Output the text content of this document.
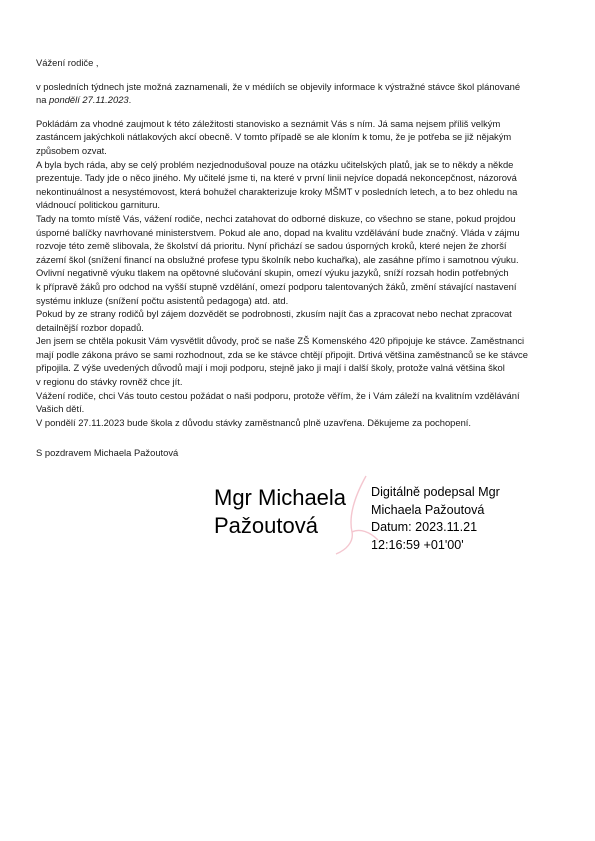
Vážení rodiče ,
v posledních týdnech jste možná zaznamenali, že v médiích se objevily informace k výstražné stávce škol plánované
na pondělí 27.11.2023.
Pokládám za vhodné zaujmout k této záležitosti stanovisko a seznámit Vás s ním. Já sama nejsem příliš velkým
zastáncem jakýchkoli nátlakových akcí obecně. V tomto případě se ale kloním k tomu, že je potřeba se již nějakým
způsobem ozvat.
A byla bych ráda, aby se celý problém nezjednodušoval pouze na otázku učitelských platů, jak se to někdy a někde
prezentuje. Tady jde o něco jiného. My učitelé jsme ti, na které v první linii nejvíce dopadá nekoncepčnost, názorová
nekontinuálnost a nesystémovost, která bohužel charakterizuje kroky MŠMT v posledních letech, a to bez ohledu na
vládnoucí politickou garnituru.
Tady na tomto místě Vás, vážení rodiče, nechci zatahovat do odborné diskuze, co všechno se stane, pokud projdou
úsporné balíčky navrhované ministerstvem. Pokud ale ano, dopad na kvalitu vzdělávání bude značný. Vláda v zájmu
rozvoje této země slibovala, že školství dá prioritu. Nyní přichází se sadou úsporných kroků, které nejen že zhorší
zázemí škol (snížení financí na obslužné profese typu školník nebo kuchařka), ale zasáhne přímo i samotnou výuku.
Ovlivní negativně výuku tlakem na opětovné slučování skupin, omezí výuku jazyků, sníží rozsah hodin potřebných
k přípravě žáků pro odchod na vyšší stupně vzdělání, omezí podporu talentovaných žáků, změní stávající nastavení
systému inkluze (snížení počtu asistentů pedagoga) atd. atd.
Pokud by ze strany rodičů byl zájem dozvědět se podrobnosti, zkusím najít čas a zpracovat nebo nechat zpracovat
detailnější rozbor dopadů.
Jen jsem se chtěla pokusit Vám vysvětlit důvody, proč se naše ZŠ Komenského 420 připojuje ke stávce. Zaměstnanci
mají podle zákona právo se sami rozhodnout, zda se ke stávce chtějí připojit. Drtivá většina zaměstnanců se ke stávce
připojila. Z výše uvedených důvodů mají i moji podporu, stejně jako ji mají i další školy, protože valná většina škol
v regionu do stávky rovněž chce jít.
Vážení rodiče, chci Vás touto cestou požádat o naši podporu, protože věřím, že i Vám záleží na kvalitním vzdělávání
Vašich dětí.
V pondělí 27.11.2023 bude škola z důvodu stávky zaměstnanců plně uzavřena. Děkujeme za pochopení.
S pozdravem Michaela Pažoutová
Mgr Michaela
Pažoutová
Digitálně podepsal Mgr
Michaela Pažoutová
Datum: 2023.11.21
12:16:59 +01'00'
